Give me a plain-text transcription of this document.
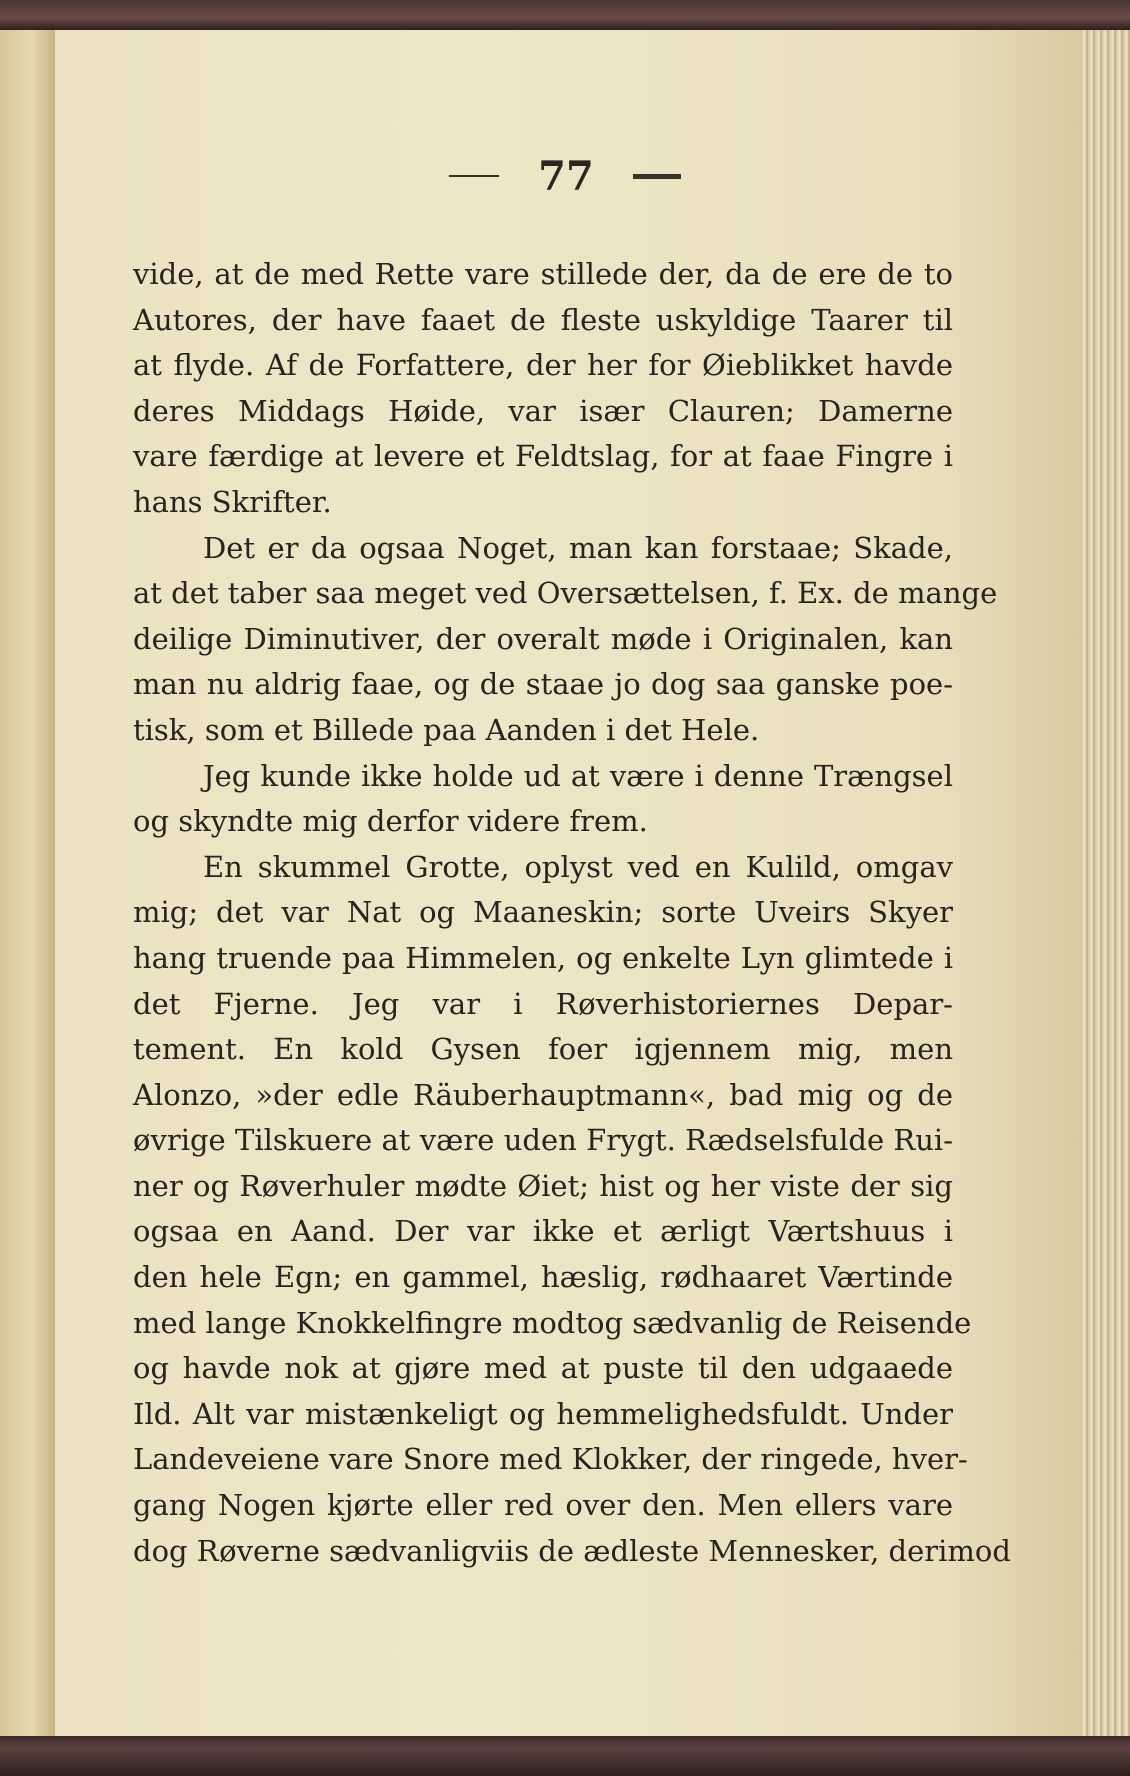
77
vide, at de med Rette vare stillede der, da de ere de to
Autores, der have faaet de fleste uskyldige Taarer til
at flyde. Af de Forfattere, der her for Øieblikket havde
deres Middags Høide, var især Clauren; Damerne
vare færdige at levere et Feldtslag, for at faae Fingre i
hans Skrifter.
Det er da ogsaa Noget, man kan forstaae; Skade,
at det taber saa meget ved Oversættelsen, f. Ex. de mange
deilige Diminutiver, der overalt møde i Originalen, kan
man nu aldrig faae, og de staae jo dog saa ganske poe-
tisk, som et Billede paa Aanden i det Hele.
Jeg kunde ikke holde ud at være i denne Trængsel
og skyndte mig derfor videre frem.
En skummel Grotte, oplyst ved en Kulild, omgav
mig; det var Nat og Maaneskin; sorte Uveirs Skyer
hang truende paa Himmelen, og enkelte Lyn glimtede i
det Fjerne. Jeg var i Røverhistoriernes Depar-
tement. En kold Gysen foer igjennem mig, men
Alonzo, »der edle Räuberhauptmann«, bad mig og de
øvrige Tilskuere at være uden Frygt. Rædselsfulde Rui-
ner og Røverhuler mødte Øiet; hist og her viste der sig
ogsaa en Aand. Der var ikke et ærligt Værtshuus i
den hele Egn; en gammel, hæslig, rødhaaret Værtinde
med lange Knokkelfingre modtog sædvanlig de Reisende
og havde nok at gjøre med at puste til den udgaaede
Ild. Alt var mistænkeligt og hemmelighedsfuldt. Under
Landeveiene vare Snore med Klokker, der ringede, hver-
gang Nogen kjørte eller red over den. Men ellers vare
dog Røverne sædvanligviis de ædleste Mennesker, derimod
